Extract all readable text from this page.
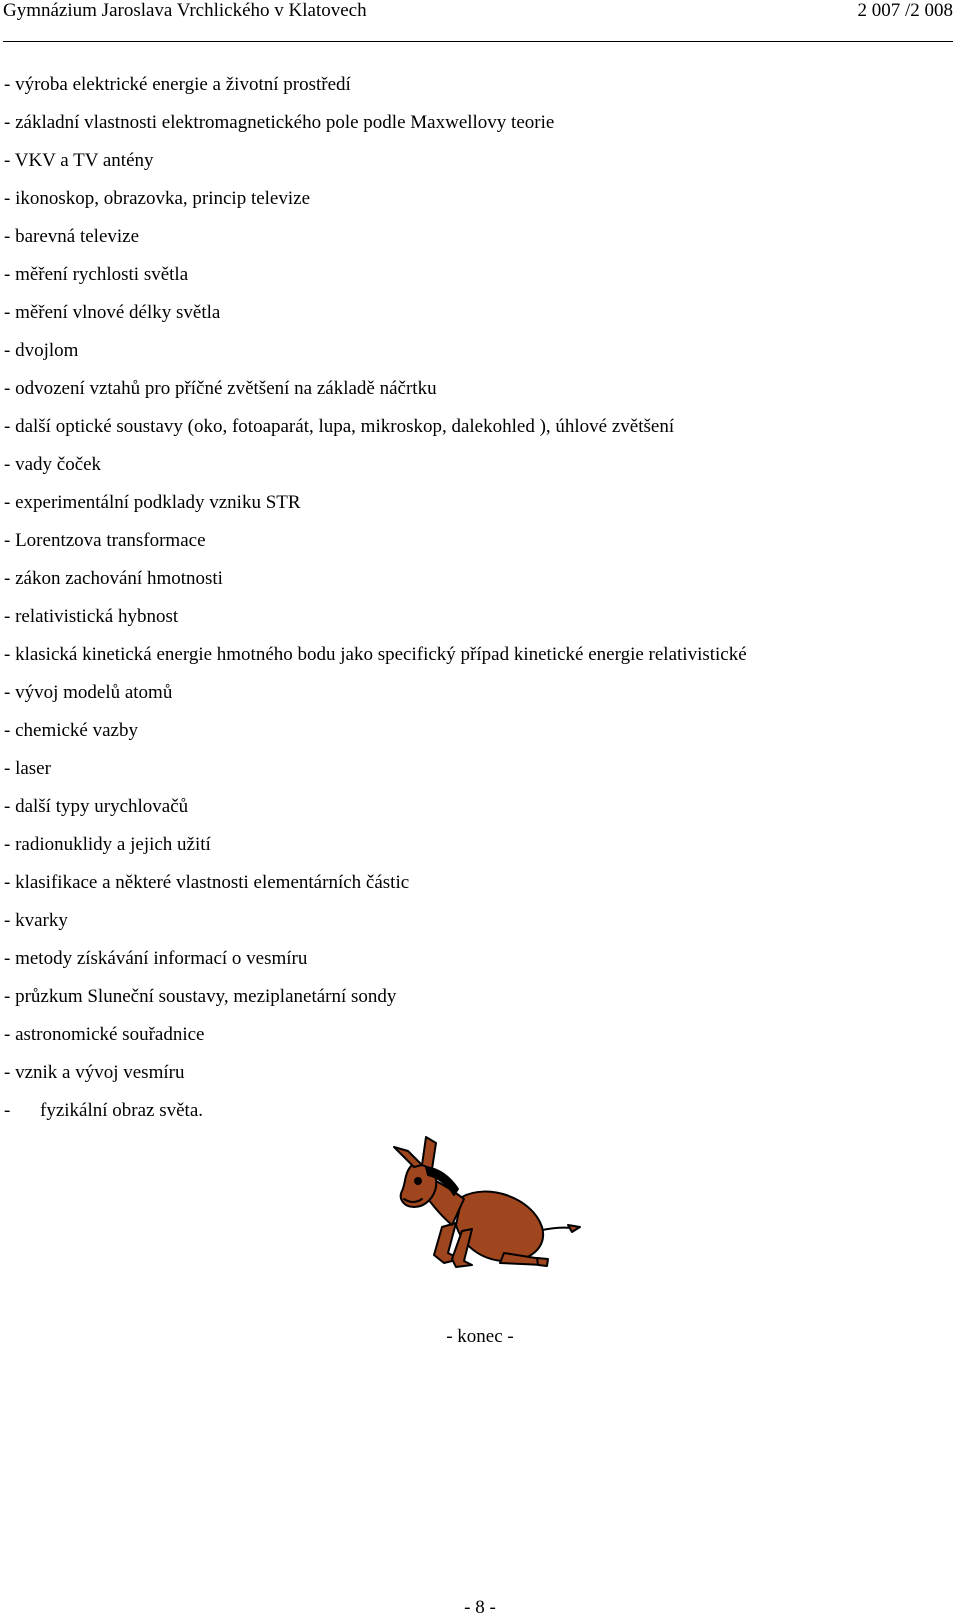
Gymnázium Jaroslava Vrchlického v Klatovech	2 007 /2 008
- výroba elektrické energie a životní prostředí
- základní vlastnosti elektromagnetického pole podle Maxwellovy teorie
- VKV a TV antény
- ikonoskop, obrazovka, princip televize
- barevná televize
- měření rychlosti světla
- měření vlnové délky světla
- dvojlom
- odvození vztahů pro příčné zvětšení na základě náčrtku
- další optické soustavy (oko, fotoaparát, lupa, mikroskop, dalekohled ), úhlové zvětšení
- vady čoček
- experimentální podklady vzniku STR
- Lorentzova transformace
- zákon zachování hmotnosti
- relativistická hybnost
- klasická kinetická energie hmotného bodu jako specifický případ kinetické energie relativistické
- vývoj modelů atomů
- chemické vazby
- laser
- další typy urychlovačů
- radionuklidy a jejich užití
- klasifikace a některé vlastnosti elementárních částic
- kvarky
- metody získávání informací o vesmíru
- průzkum Sluneční soustavy, meziplanetární sondy
- astronomické souřadnice
- vznik a vývoj vesmíru
- fyzikální obraz světa.
- konec -
- 8 -
